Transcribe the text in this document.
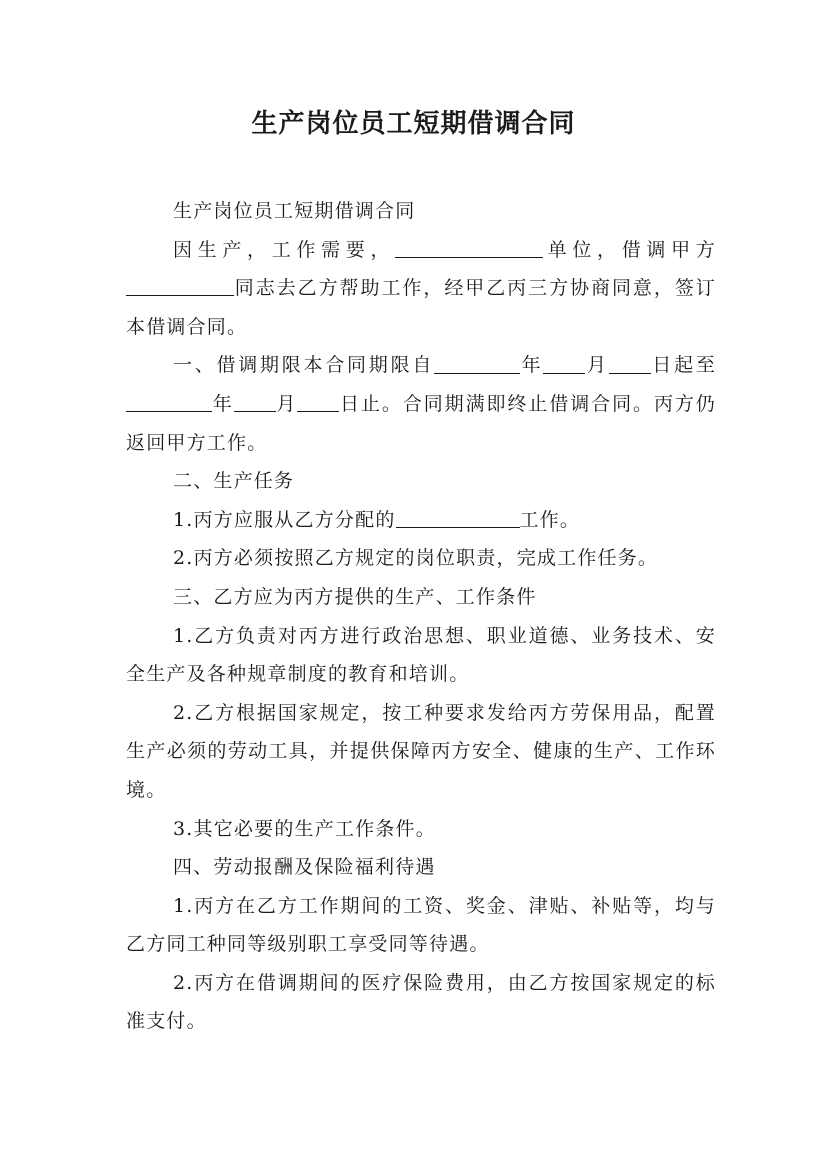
生产岗位员工短期借调合同

生产岗位员工短期借调合同

因生产，工作需要，	单位，借调甲方同志去乙方帮助工作，经甲乙丙三方协商同意，签订本借调合同。

一、借调期限本合同期限自	年 月 日起至年 月 日止。合同期满即终止借调合同。丙方仍返回甲方工作。

二、生产任务

1.丙方应服从乙方分配的	工作。

2.丙方必须按照乙方规定的岗位职责，完成工作任务。

三、乙方应为丙方提供的生产、工作条件

1.乙方负责对丙方进行政治思想、职业道德、业务技术、安全生产及各种规章制度的教育和培训。

2.乙方根据国家规定，按工种要求发给丙方劳保用品，配置生产必须的劳动工具，并提供保障丙方安全、健康的生产、工作环境。

3.其它必要的生产工作条件。

四、劳动报酬及保险福利待遇

1.丙方在乙方工作期间的工资、奖金、津贴、补贴等，均与乙方同工种同等级别职工享受同等待遇。

2.丙方在借调期间的医疗保险费用，由乙方按国家规定的标准支付。
